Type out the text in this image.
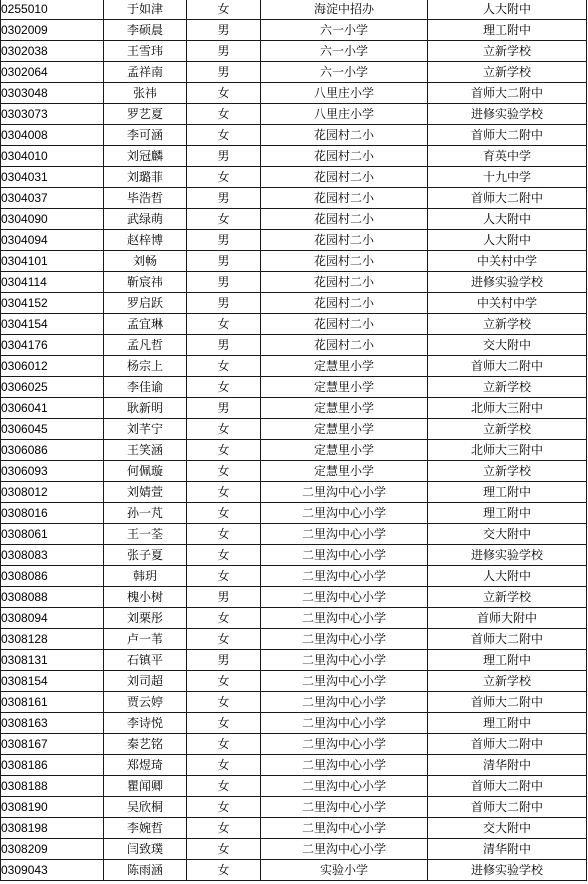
0255010	于如津	女	海淀中招办	人大附中
0302009	李硕晨	男	六一小学	理工附中
0302038	王雪玮	男	六一小学	立新学校
0302064	孟祥南	男	六一小学	立新学校
0303048	张祎	女	八里庄小学	首师大二附中
0303073	罗艺夏	女	八里庄小学	进修实验学校
0304008	李可涵	女	花园村二小	首师大二附中
0304010	刘冠麟	男	花园村二小	育英中学
0304031	刘璐菲	女	花园村二小	十九中学
0304037	毕浩哲	男	花园村二小	首师大二附中
0304090	武绿萌	女	花园村二小	人大附中
0304094	赵梓博	男	花园村二小	人大附中
0304101	刘畅	男	花园村二小	中关村中学
0304114	靳宸祎	男	花园村二小	进修实验学校
0304152	罗启跃	男	花园村二小	中关村中学
0304154	孟宜琳	女	花园村二小	立新学校
0304176	孟凡哲	男	花园村二小	交大附中
0306012	杨宗上	女	定慧里小学	首师大二附中
0306025	李佳谕	女	定慧里小学	立新学校
0306041	耿新明	男	定慧里小学	北师大三附中
0306045	刘芊宁	女	定慧里小学	立新学校
0306086	王笑涵	女	定慧里小学	北师大三附中
0306093	何佩璇	女	定慧里小学	立新学校
0308012	刘婧萱	女	二里沟中心小学	理工附中
0308016	孙一芃	女	二里沟中心小学	理工附中
0308061	王一荃	女	二里沟中心小学	交大附中
0308083	张子夏	女	二里沟中心小学	进修实验学校
0308086	韩玥	女	二里沟中心小学	人大附中
0308088	槐小树	男	二里沟中心小学	立新学校
0308094	刘栗彤	女	二里沟中心小学	首师大附中
0308128	卢一苇	女	二里沟中心小学	首师大二附中
0308131	石镇平	男	二里沟中心小学	理工附中
0308154	刘司超	女	二里沟中心小学	立新学校
0308161	贾云婷	女	二里沟中心小学	首师大二附中
0308163	李诗悦	女	二里沟中心小学	理工附中
0308167	秦艺铭	女	二里沟中心小学	首师大二附中
0308186	郑煜琦	女	二里沟中心小学	清华附中
0308188	瞿闻卿	女	二里沟中心小学	首师大二附中
0308190	吴欣桐	女	二里沟中心小学	首师大二附中
0308198	李婉哲	女	二里沟中心小学	交大附中
0308209	闫致璞	女	二里沟中心小学	清华附中
0309043	陈雨涵	女	实验小学	进修实验学校
